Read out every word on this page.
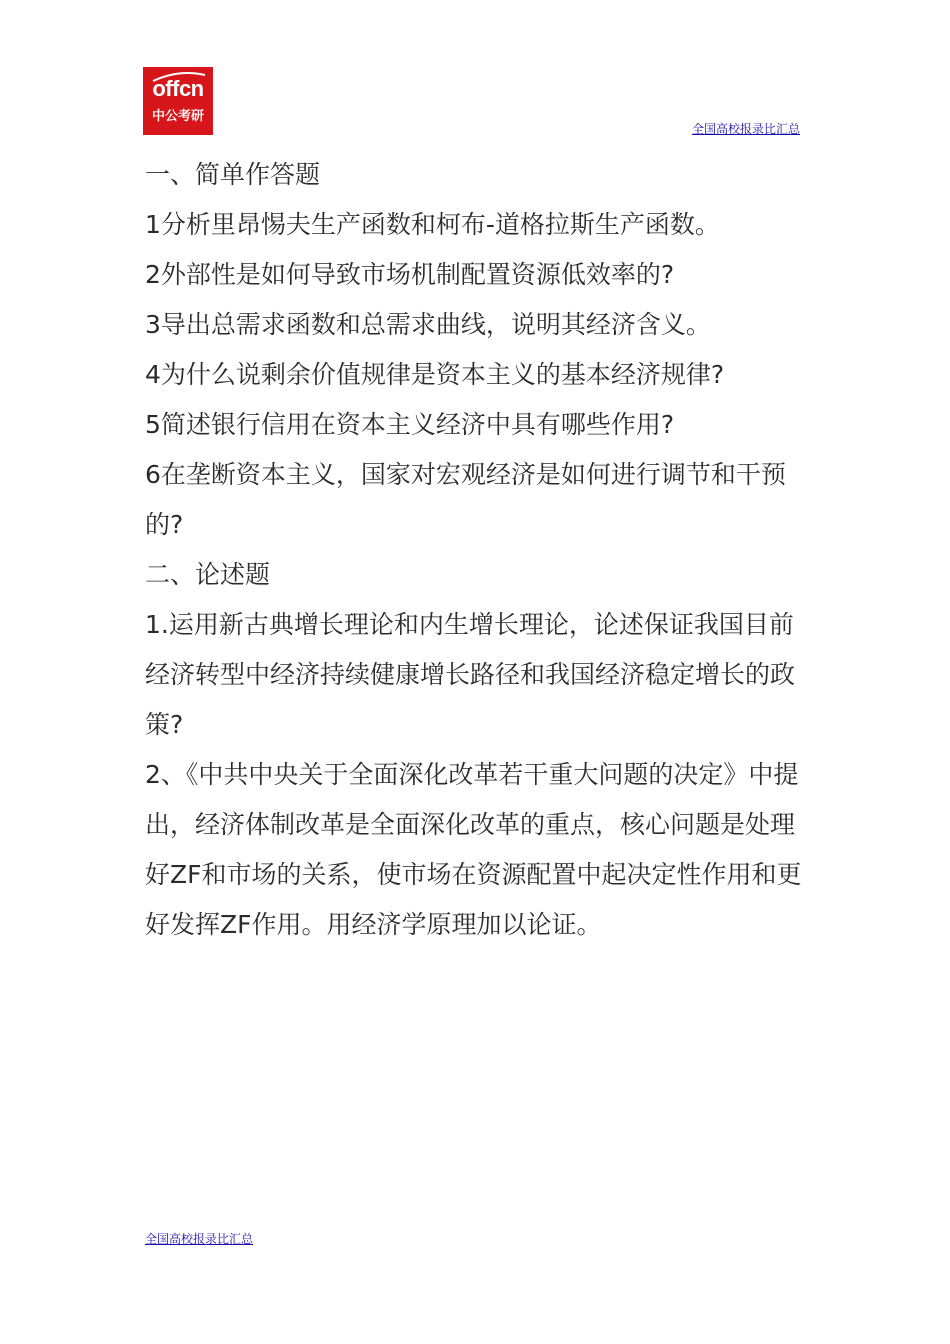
offcn
中公考研
全国高校报录比汇总

一、简单作答题

1分析里昂惕夫生产函数和柯布-道格拉斯生产函数。

2外部性是如何导致市场机制配置资源低效率的?

3导出总需求函数和总需求曲线，说明其经济含义。

4为什么说剩余价值规律是资本主义的基本经济规律?

5简述银行信用在资本主义经济中具有哪些作用?

6在垄断资本主义，国家对宏观经济是如何进行调节和干预的?

二、论述题

1.运用新古典增长理论和内生增长理论，论述保证我国目前经济转型中经济持续健康增长路径和我国经济稳定增长的政策?

2、《中共中央关于全面深化改革若干重大问题的决定》中提出，经济体制改革是全面深化改革的重点，核心问题是处理好ZF和市场的关系，使市场在资源配置中起决定性作用和更好发挥ZF作用。用经济学原理加以论证。

全国高校报录比汇总
